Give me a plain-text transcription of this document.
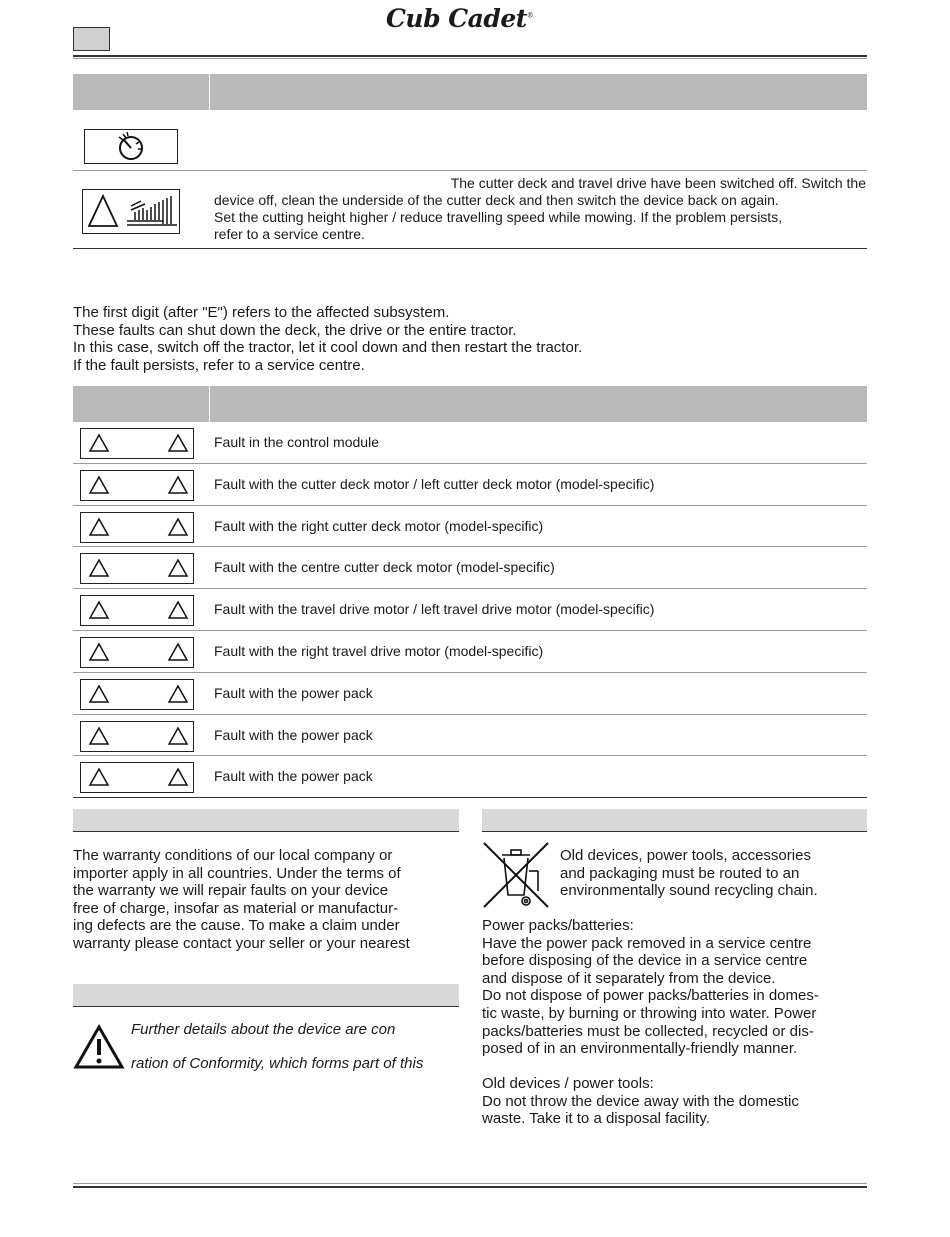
Cub Cadet®
The cutter deck and travel drive have been switched off. Switch the
device off, clean the underside of the cutter deck and then switch the device back on again.
Set the cutting height higher / reduce travelling speed while mowing. If the problem persists,
refer to a service centre.
The first digit (after "E") refers to the affected subsystem.
These faults can shut down the deck, the drive or the entire tractor.
In this case, switch off the tractor, let it cool down and then restart the tractor.
If the fault persists, refer to a service centre.
Fault in the control module
Fault with the cutter deck motor / left cutter deck motor (model-specific)
Fault with the right cutter deck motor (model-specific)
Fault with the centre cutter deck motor (model-specific)
Fault with the travel drive motor / left travel drive motor (model-specific)
Fault with the right travel drive motor (model-specific)
Fault with the power pack
Fault with the power pack
Fault with the power pack
The warranty conditions of our local company or
importer apply in all countries. Under the terms of
the warranty we will repair faults on your device
free of charge, insofar as material or manufactur-
ing defects are the cause. To make a claim under
warranty please contact your seller or your nearest
Further details about the device are con
ration of Conformity, which forms part of this
Old devices, power tools, accessories
and packaging must be routed to an
environmentally sound recycling chain.
Power packs/batteries:
Have the power pack removed in a service centre
before disposing of the device in a service centre
and dispose of it separately from the device.
Do not dispose of power packs/batteries in domes-
tic waste, by burning or throwing into water. Power
packs/batteries must be collected, recycled or dis-
posed of in an environmentally-friendly manner.
Old devices / power tools:
Do not throw the device away with the domestic
waste. Take it to a disposal facility.
